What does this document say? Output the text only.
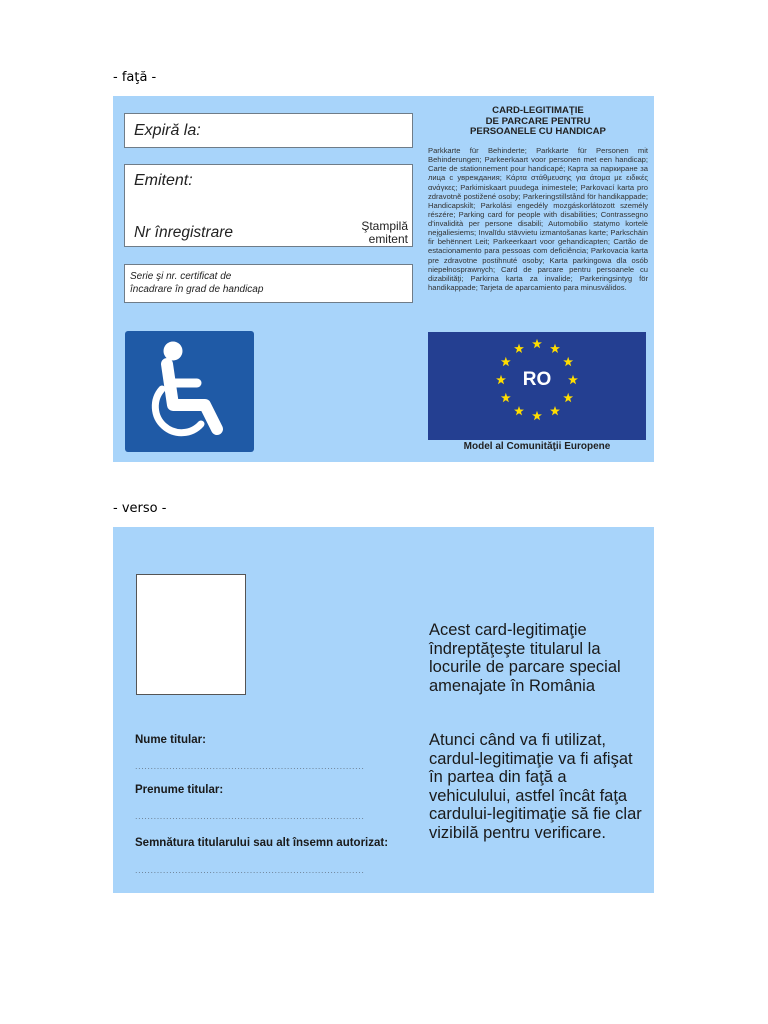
- faţă -
Expiră la:
Emitent:
Nr înregistrare	Ştampilă
emitent
Serie şi nr. certificat de
încadrare în grad de handicap
CARD-LEGITIMAŢIE
DE PARCARE PENTRU
PERSOANELE CU HANDICAP
Parkkarte für Behinderte; Parkkarte für Personen mit Behinderungen; Parkeerkaart voor personen met een handicap; Carte de stationnement pour handicapé; Карта за паркиране за лица с увреждания; Κάρτα στάθμευσης για άτομα με ειδικές ανάγκες; Parkimiskaart puudega inimestele; Parkovací karta pro zdravotně postižené osoby; Parkeringstillstånd för handikappade; Handicapskilt; Parkolási engedély mozgáskorlátozott személy részére; Parking card for people with disabilities; Contrassegno d'invalidità per persone disabili; Automobilio statymo kortelė neįgaliesiems; Invalīdu stāvvietu izmantošanas karte; Parkschäin fir behënnert Leit; Parkeerkaart voor gehandicapten; Cartão de estacionamento para pessoas com deficiência; Parkovacia karta pre zdravotne postihnuté osoby; Karta parkingowa dla osób niepełnosprawnych; Card de parcare pentru persoanele cu dizabilităţi; Parkirna karta za invalide; Parkeringsintyg för handikappade; Tarjeta de aparcamiento para minusválidos.
RO
Model al Comunităţii Europene
- verso -
Nume titular:
..........................................................................
Prenume titular:
..........................................................................
Semnătura titularului sau alt însemn autorizat:
..........................................................................
Acest card-legitimaţie îndreptăţeşte titularul la locurile de parcare special amenajate în România
Atunci când va fi utilizat, cardul-legitimaţie va fi afişat în partea din faţă a vehiculului, astfel încât faţa cardului-legitimaţie să fie clar vizibilă pentru verificare.
